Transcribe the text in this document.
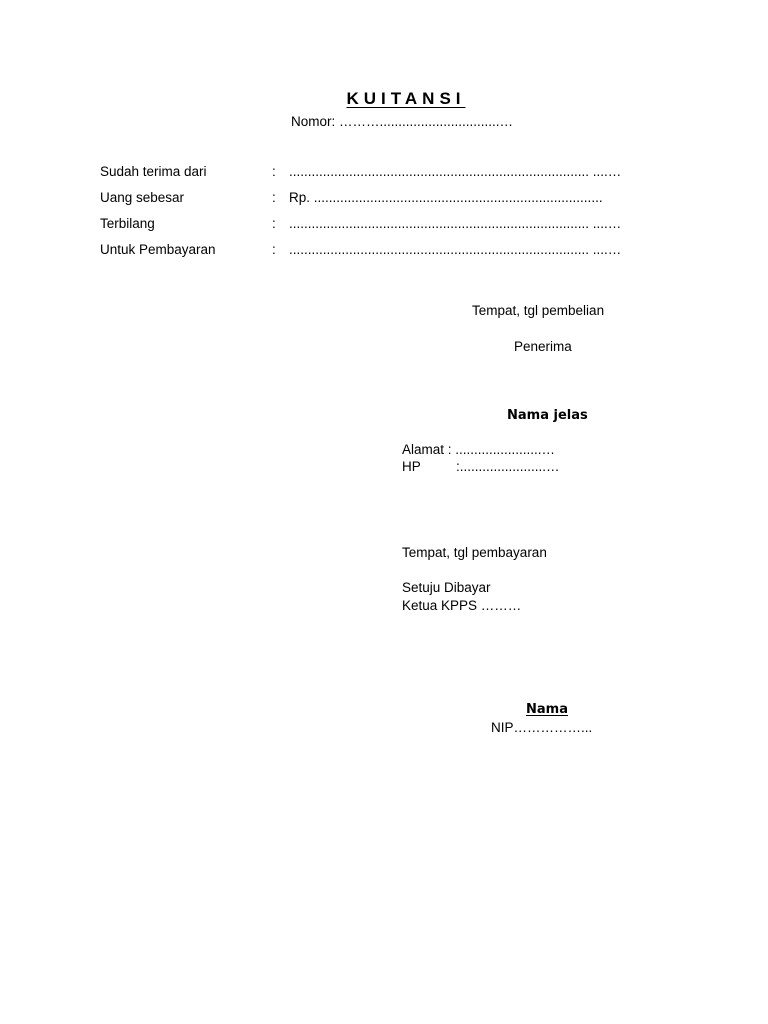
KUITANSI
Nomor: ………................................…
Sudah terima dari	: ................................................................................ ....…
Uang sebesar	: Rp. .............................................................................
Terbilang	: ................................................................................ ....…
Untuk Pembayaran	: ................................................................................ ....…
Tempat, tgl pembelian
Penerima
Nama jelas
Alamat : .......................…
HP	:.......................…
Tempat, tgl pembayaran
Setuju Dibayar
Ketua KPPS ………
Nama
NIP……………...
